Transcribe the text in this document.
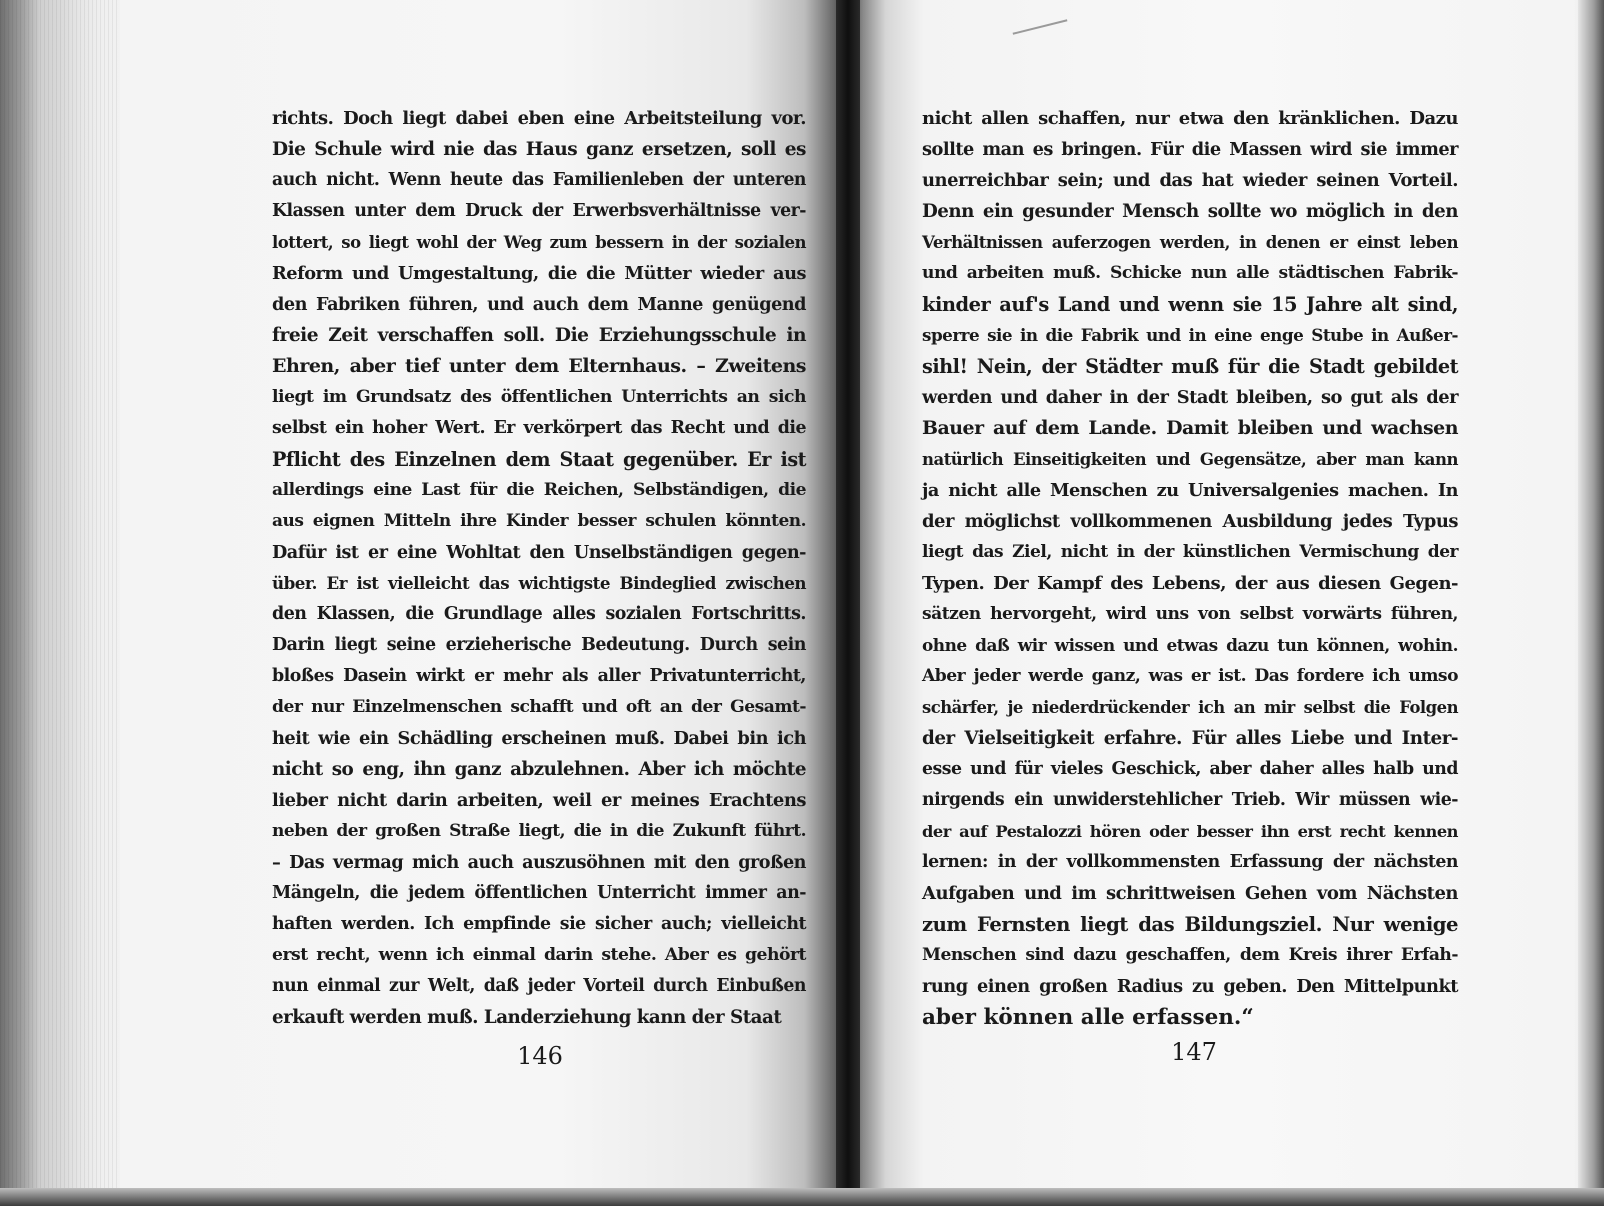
richts. Doch liegt dabei eben eine Arbeitsteilung vor.
Die Schule wird nie das Haus ganz ersetzen, soll es
auch nicht. Wenn heute das Familienleben der unteren
Klassen unter dem Druck der Erwerbsverhältnisse ver-
lottert, so liegt wohl der Weg zum bessern in der sozialen
Reform und Umgestaltung, die die Mütter wieder aus
den Fabriken führen, und auch dem Manne genügend
freie Zeit verschaffen soll. Die Erziehungsschule in
Ehren, aber tief unter dem Elternhaus. – Zweitens
liegt im Grundsatz des öffentlichen Unterrichts an sich
selbst ein hoher Wert. Er verkörpert das Recht und die
Pflicht des Einzelnen dem Staat gegenüber. Er ist
allerdings eine Last für die Reichen, Selbständigen, die
aus eignen Mitteln ihre Kinder besser schulen könnten.
Dafür ist er eine Wohltat den Unselbständigen gegen-
über. Er ist vielleicht das wichtigste Bindeglied zwischen
den Klassen, die Grundlage alles sozialen Fortschritts.
Darin liegt seine erzieherische Bedeutung. Durch sein
bloßes Dasein wirkt er mehr als aller Privatunterricht,
der nur Einzelmenschen schafft und oft an der Gesamt-
heit wie ein Schädling erscheinen muß. Dabei bin ich
nicht so eng, ihn ganz abzulehnen. Aber ich möchte
lieber nicht darin arbeiten, weil er meines Erachtens
neben der großen Straße liegt, die in die Zukunft führt.
– Das vermag mich auch auszusöhnen mit den großen
Mängeln, die jedem öffentlichen Unterricht immer an-
haften werden. Ich empfinde sie sicher auch; vielleicht
erst recht, wenn ich einmal darin stehe. Aber es gehört
nun einmal zur Welt, daß jeder Vorteil durch Einbußen
erkauft werden muß. Landerziehung kann der Staat
146
nicht allen schaffen, nur etwa den kränklichen. Dazu
sollte man es bringen. Für die Massen wird sie immer
unerreichbar sein; und das hat wieder seinen Vorteil.
Denn ein gesunder Mensch sollte wo möglich in den
Verhältnissen auferzogen werden, in denen er einst leben
und arbeiten muß. Schicke nun alle städtischen Fabrik-
kinder auf's Land und wenn sie 15 Jahre alt sind,
sperre sie in die Fabrik und in eine enge Stube in Außer-
sihl! Nein, der Städter muß für die Stadt gebildet
werden und daher in der Stadt bleiben, so gut als der
Bauer auf dem Lande. Damit bleiben und wachsen
natürlich Einseitigkeiten und Gegensätze, aber man kann
ja nicht alle Menschen zu Universalgenies machen. In
der möglichst vollkommenen Ausbildung jedes Typus
liegt das Ziel, nicht in der künstlichen Vermischung der
Typen. Der Kampf des Lebens, der aus diesen Gegen-
sätzen hervorgeht, wird uns von selbst vorwärts führen,
ohne daß wir wissen und etwas dazu tun können, wohin.
Aber jeder werde ganz, was er ist. Das fordere ich umso
schärfer, je niederdrückender ich an mir selbst die Folgen
der Vielseitigkeit erfahre. Für alles Liebe und Inter-
esse und für vieles Geschick, aber daher alles halb und
nirgends ein unwiderstehlicher Trieb. Wir müssen wie-
der auf Pestalozzi hören oder besser ihn erst recht kennen
lernen: in der vollkommensten Erfassung der nächsten
Aufgaben und im schrittweisen Gehen vom Nächsten
zum Fernsten liegt das Bildungsziel. Nur wenige
Menschen sind dazu geschaffen, dem Kreis ihrer Erfah-
rung einen großen Radius zu geben. Den Mittelpunkt
aber können alle erfassen.“
147
